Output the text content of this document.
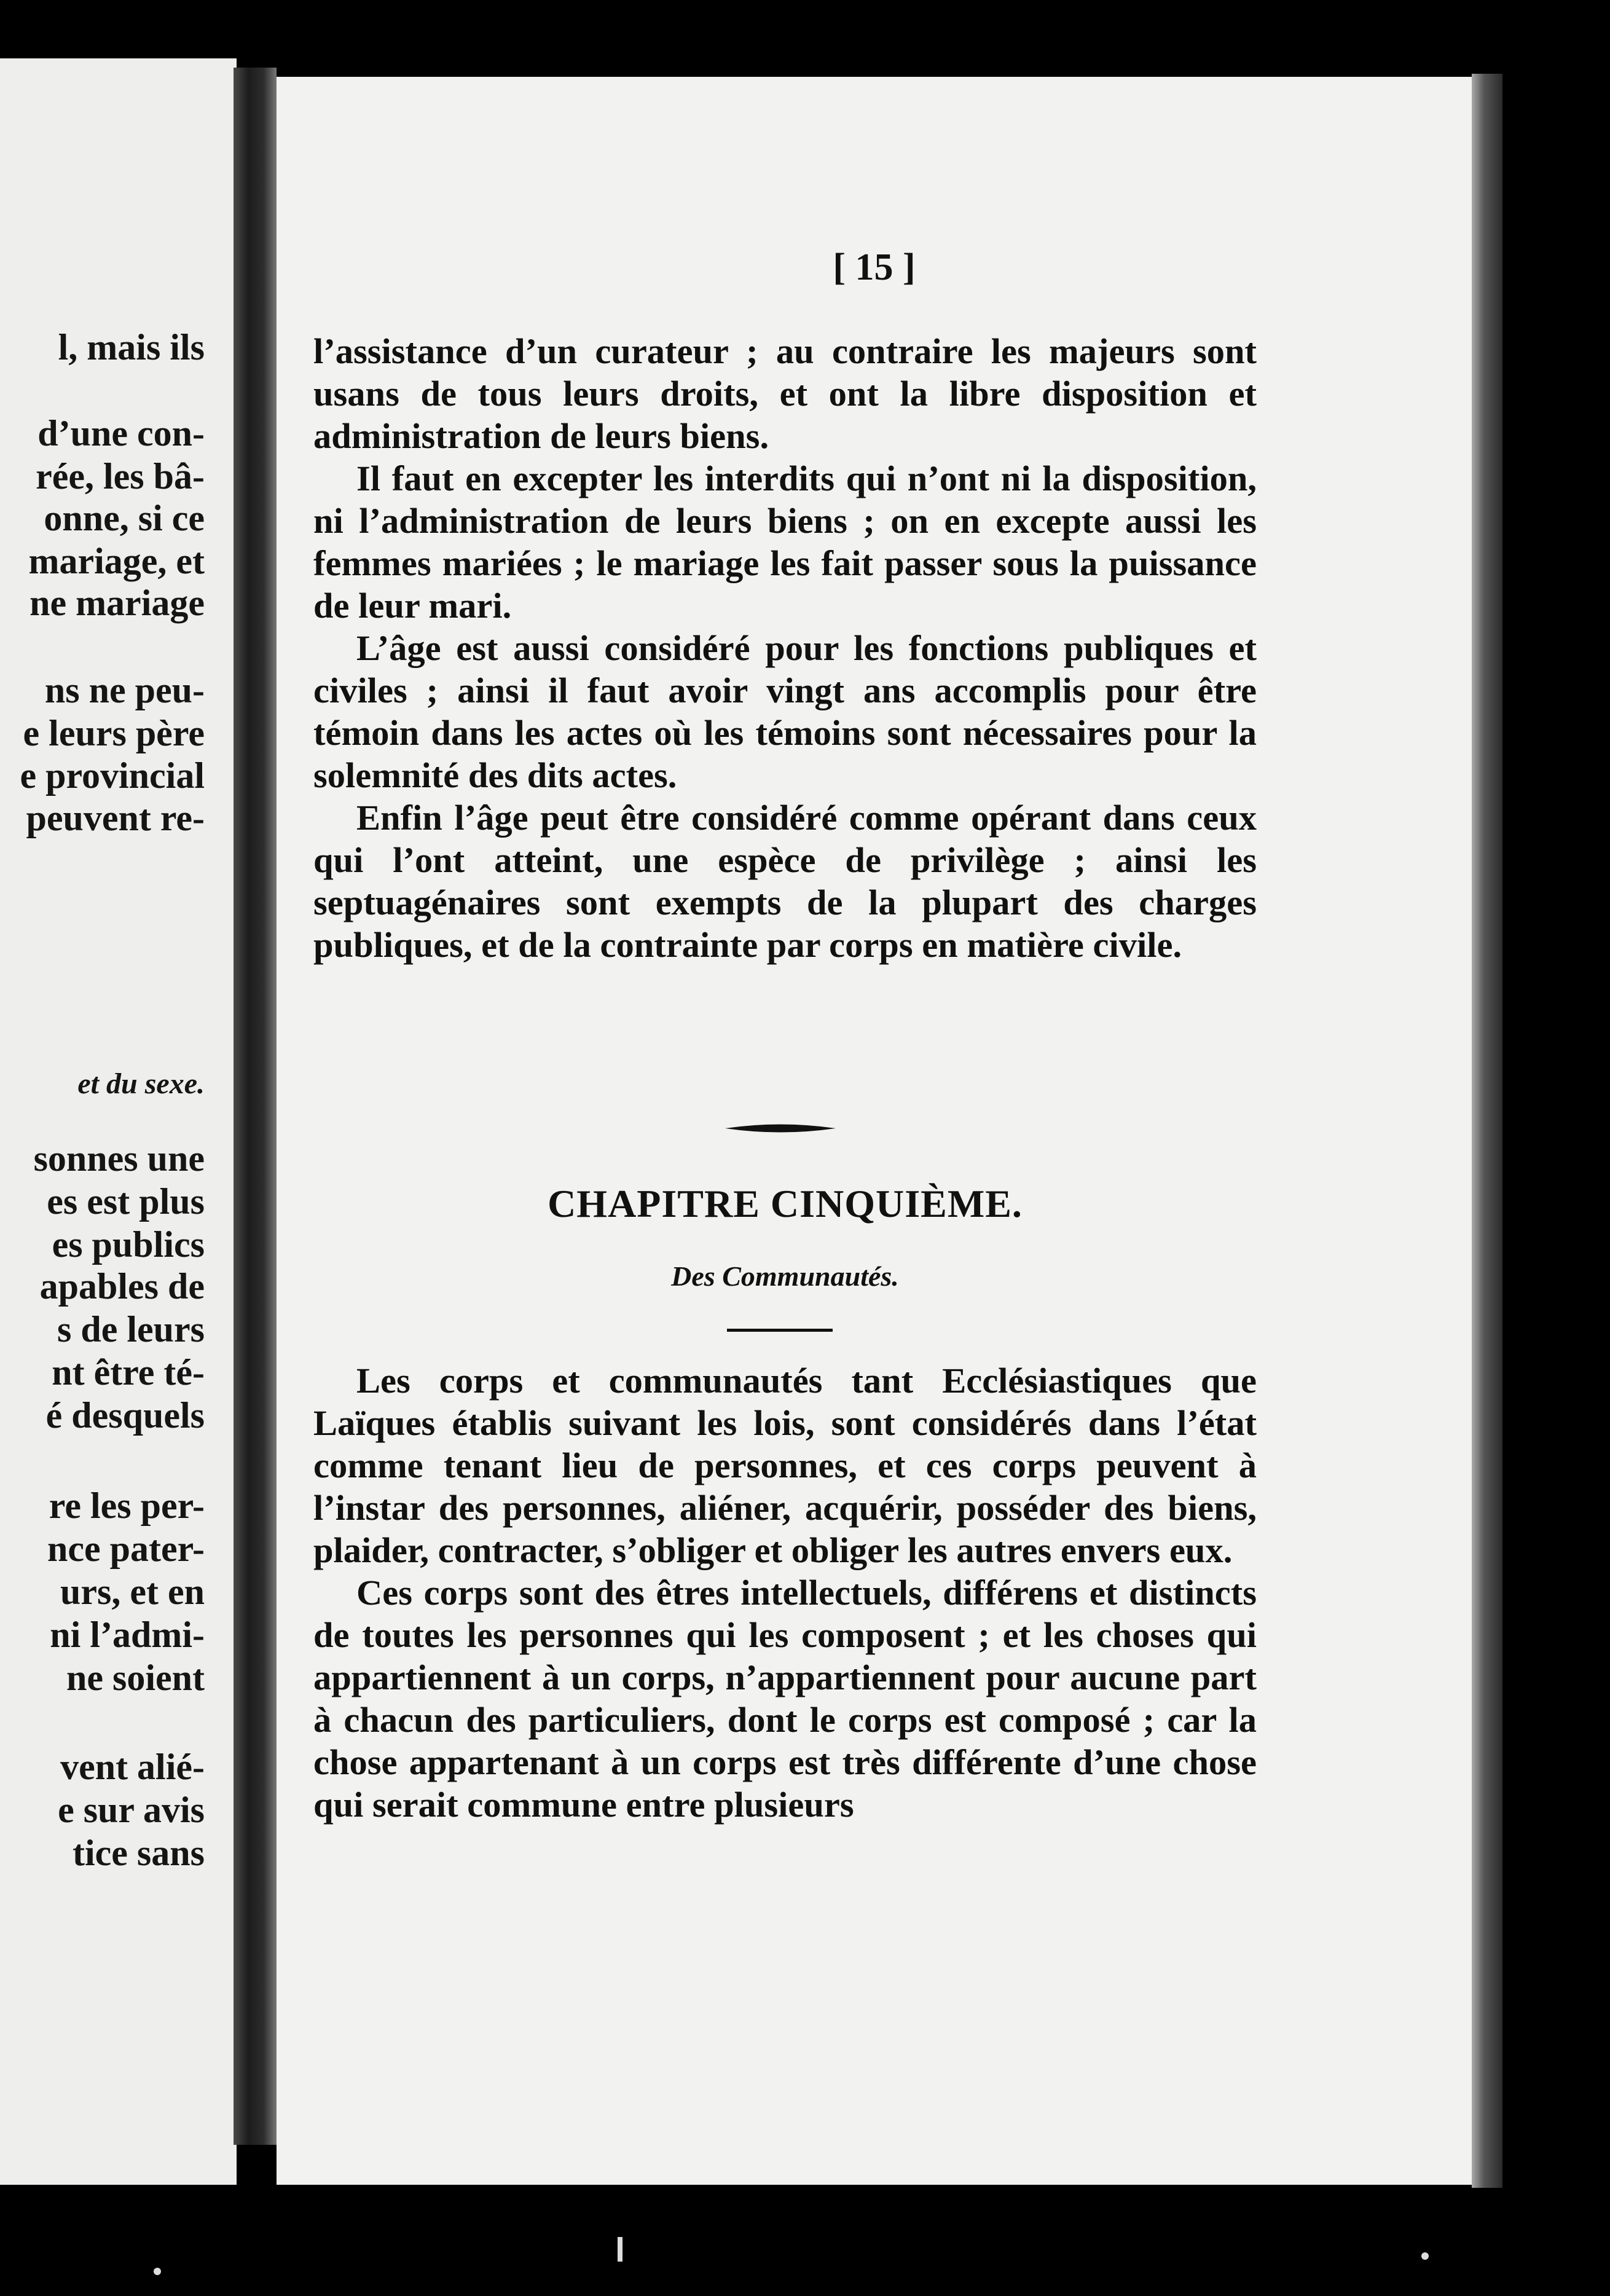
l, mais ils

d’une con-

rée, les bâ-

onne, si ce

mariage, et

ne mariage

ns ne peu-

e leurs père

e provincial

peuvent re-

et du sexe.

sonnes une

es est plus

es publics

apables de

s de leurs

nt être té-

é desquels

re les per-

nce pater-

urs, et en

ni l’admi-

ne soient

vent alié-

e sur avis

tice sans

[ 15 ]

l’assistance d’un curateur ; au contraire les majeurs sont usans de tous leurs droits, et ont la libre disposition et administration de leurs biens.

Il faut en excepter les interdits qui n’ont ni la disposition, ni l’administration de leurs biens ; on en excepte aussi les femmes mariées ; le mariage les fait passer sous la puissance de leur mari.

L’âge est aussi considéré pour les fonctions publiques et civiles ; ainsi il faut avoir vingt ans accomplis pour être témoin dans les actes où les témoins sont nécessaires pour la solemnité des dits actes.

Enfin l’âge peut être considéré comme opérant dans ceux qui l’ont atteint, une espèce de privilège ; ainsi les septuagénaires sont exempts de la plupart des charges publiques, et de la contrainte par corps en matière civile.

CHAPITRE CINQUIÈME.

Des Communautés.

Les corps et communautés tant Ecclésiastiques que Laïques établis suivant les lois, sont considérés dans l’état comme tenant lieu de personnes, et ces corps peuvent à l’instar des personnes, aliéner, acquérir, posséder des biens, plaider, contracter, s’obliger et obliger les autres envers eux.

Ces corps sont des êtres intellectuels, différens et distincts de toutes les personnes qui les composent ; et les choses qui appartiennent à un corps, n’appartiennent pour aucune part à chacun des particuliers, dont le corps est composé ; car la chose appartenant à un corps est très différente d’une chose qui serait commune entre plusieurs
